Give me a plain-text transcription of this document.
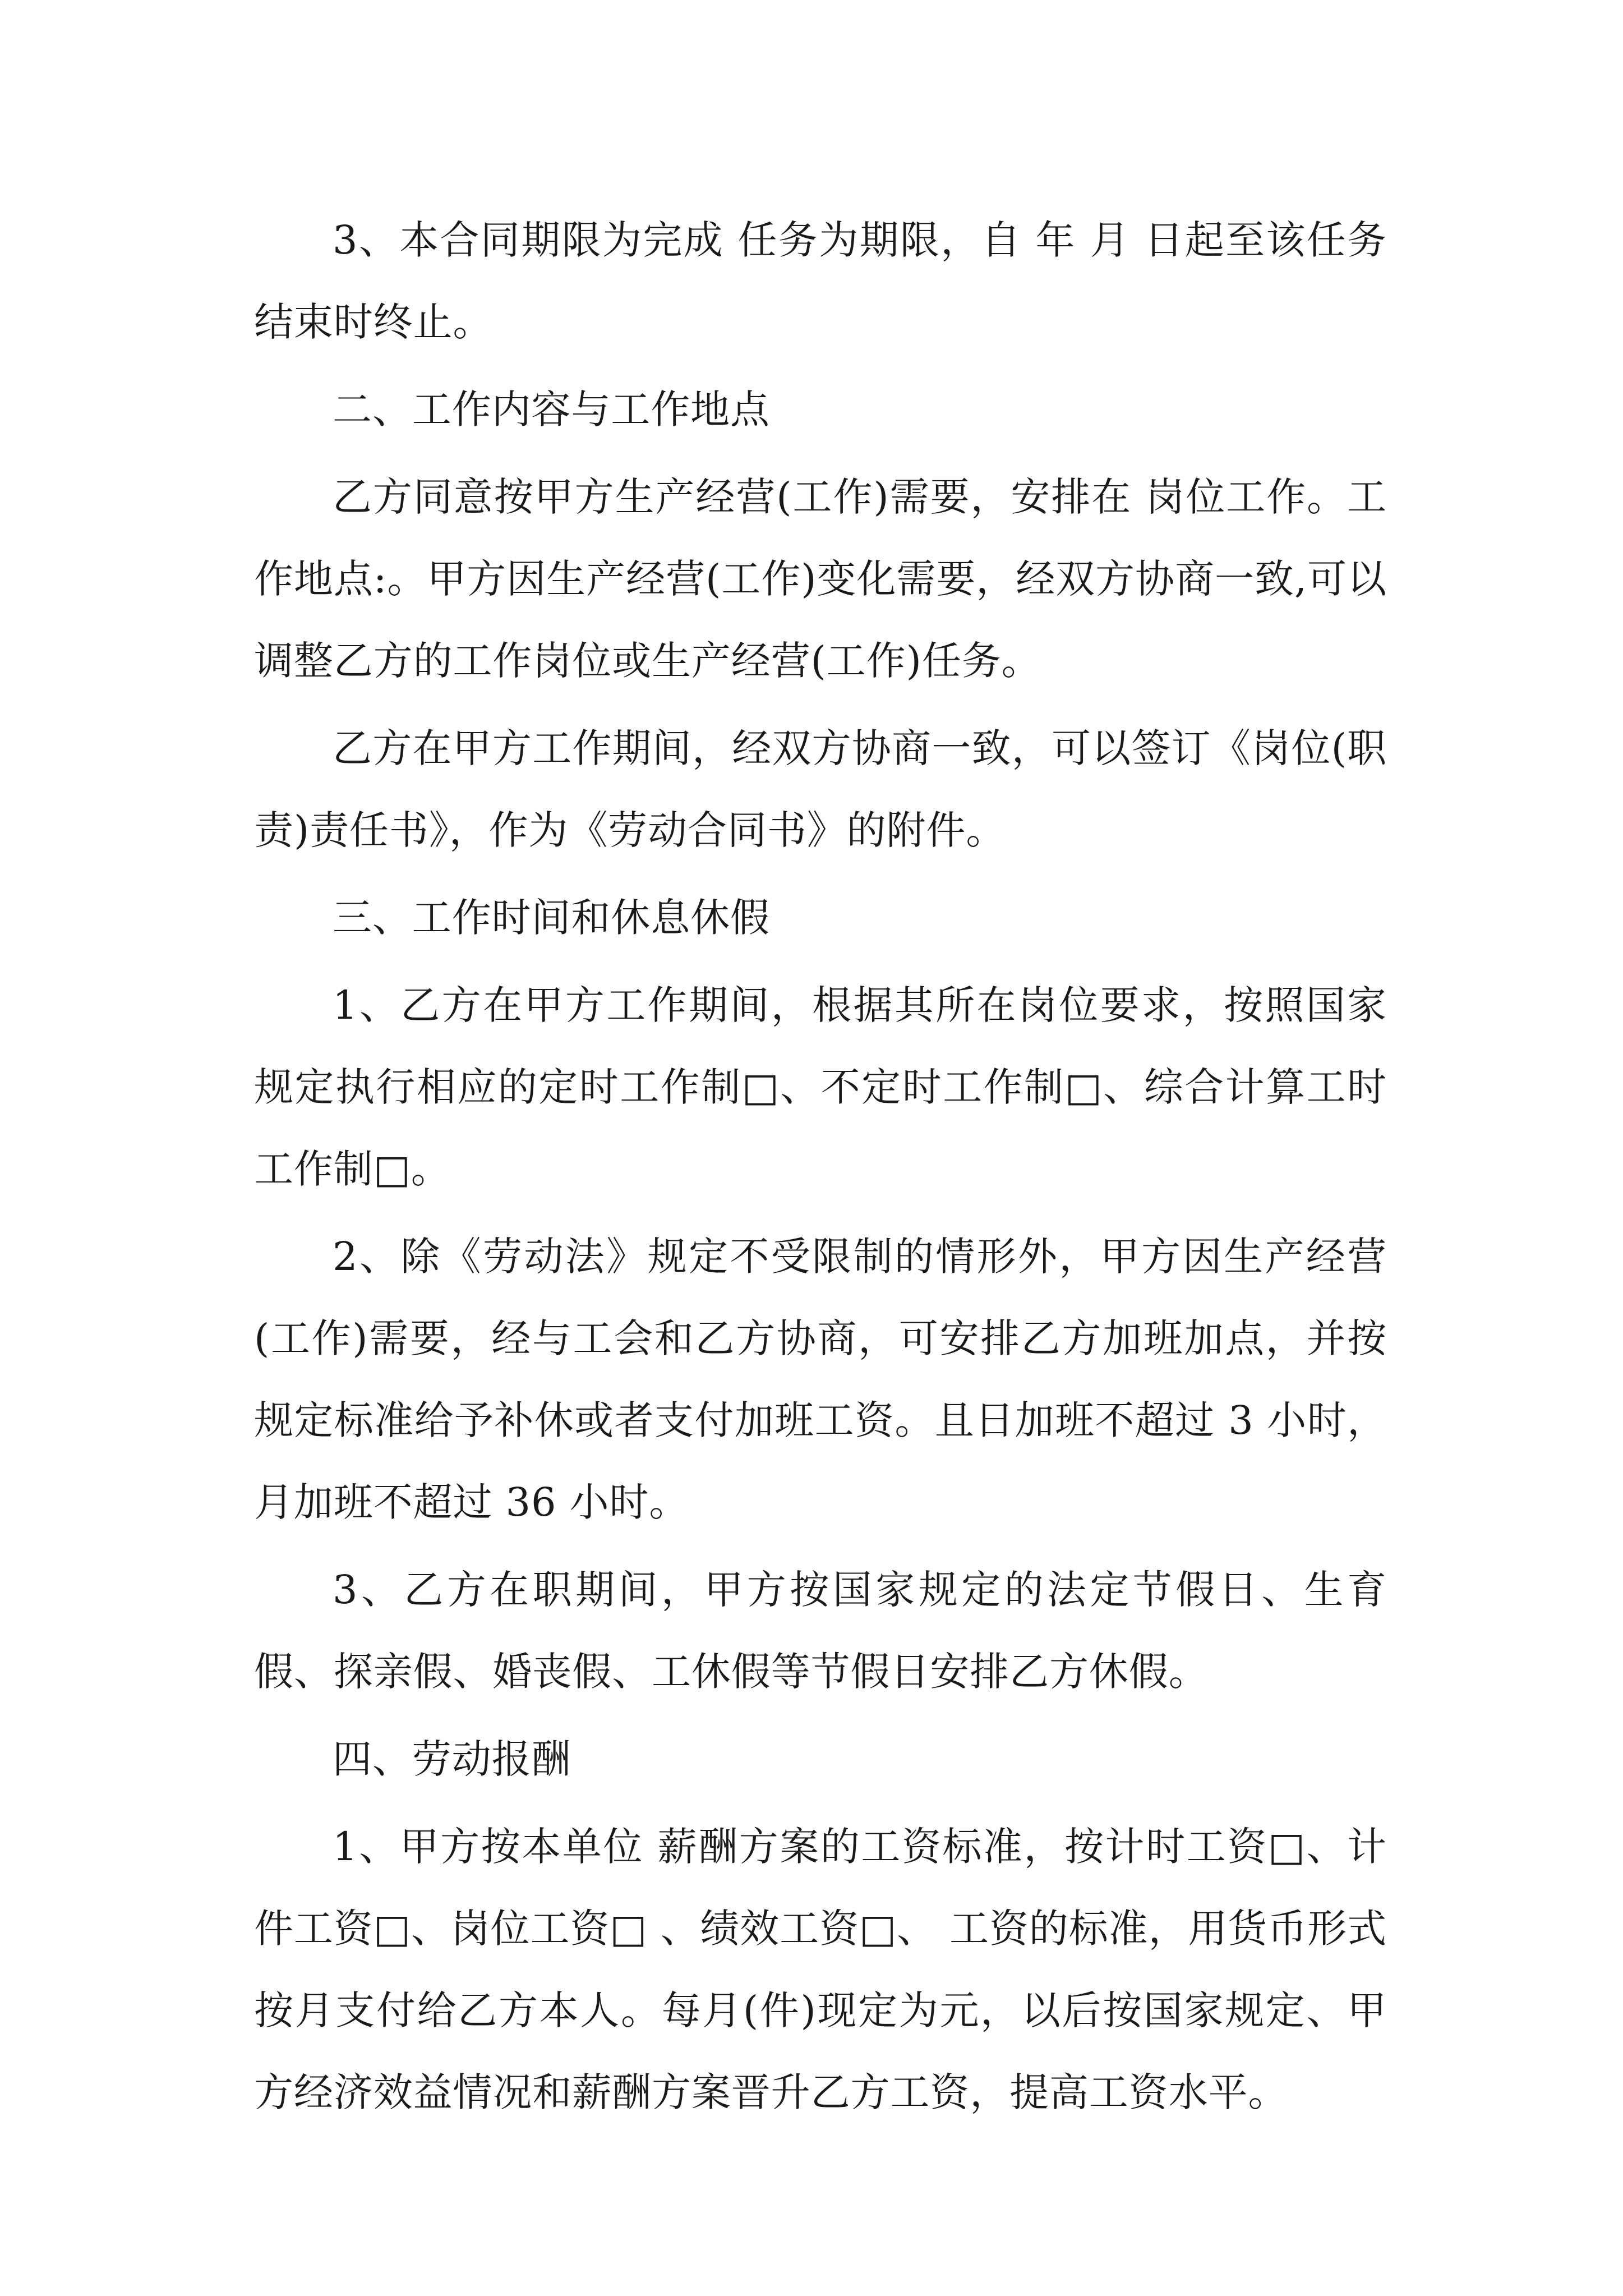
3、本合同期限为完成 任务为期限，自 年 月 日起至该任务结束时终止。

二、工作内容与工作地点

乙方同意按甲方生产经营(工作)需要，安排在 岗位工作。工作地点:。甲方因生产经营(工作)变化需要，经双方协商一致,可以调整乙方的工作岗位或生产经营(工作)任务。

乙方在甲方工作期间，经双方协商一致，可以签订《岗位(职责)责任书》，作为《劳动合同书》的附件。

三、工作时间和休息休假

1、乙方在甲方工作期间，根据其所在岗位要求，按照国家规定执行相应的定时工作制□、不定时工作制□、综合计算工时工作制□。

2、除《劳动法》规定不受限制的情形外，甲方因生产经营(工作)需要，经与工会和乙方协商，可安排乙方加班加点，并按规定标准给予补休或者支付加班工资。且日加班不超过 3 小时，月加班不超过 36 小时。

3、乙方在职期间，甲方按国家规定的法定节假日、生育假、探亲假、婚丧假、工休假等节假日安排乙方休假。

四、劳动报酬

1、甲方按本单位 薪酬方案的工资标准，按计时工资□、计件工资□、岗位工资□ 、绩效工资□、 工资的标准，用货币形式按月支付给乙方本人。每月(件)现定为元，以后按国家规定、甲方经济效益情况和薪酬方案晋升乙方工资，提高工资水平。
